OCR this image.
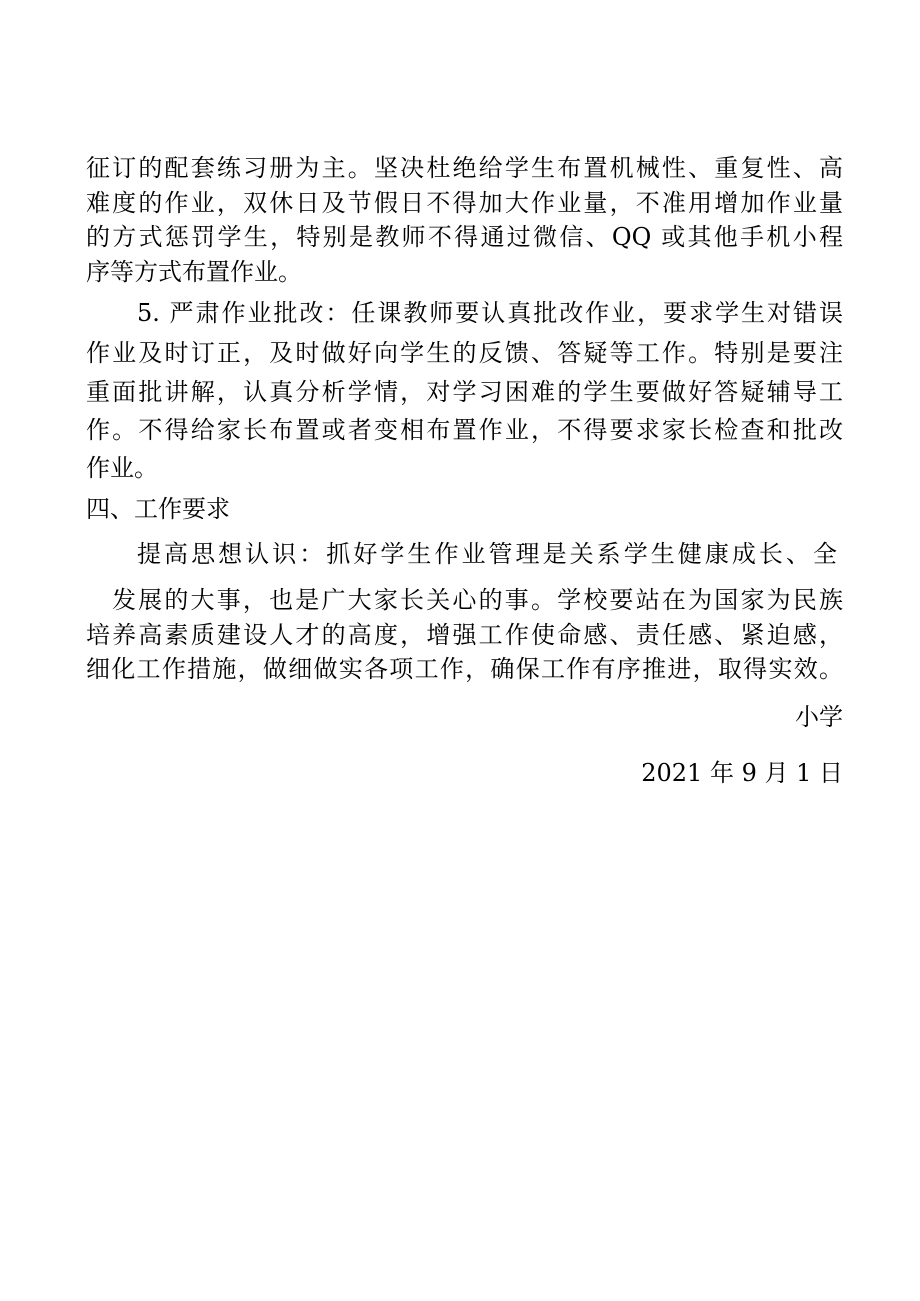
征订的配套练习册为主。坚决杜绝给学生布置机械性、重复性、高
难度的作业，双休日及节假日不得加大作业量，不准用增加作业量
的方式惩罚学生，特别是教师不得通过微信、QQ 或其他手机小程
序等方式布置作业。
5. 严肃作业批改：任课教师要认真批改作业，要求学生对错误
作业及时订正，及时做好向学生的反馈、答疑等工作。特别是要注
重面批讲解，认真分析学情，对学习困难的学生要做好答疑辅导工
作。不得给家长布置或者变相布置作业，不得要求家长检查和批改
作业。
四、工作要求
提高思想认识：抓好学生作业管理是关系学生健康成长、全
发展的大事，也是广大家长关心的事。学校要站在为国家为民族
培养高素质建设人才的高度，增强工作使命感、责任感、紧迫感，
细化工作措施，做细做实各项工作，确保工作有序推进，取得实效。
小学
2021 年 9 月 1 日
